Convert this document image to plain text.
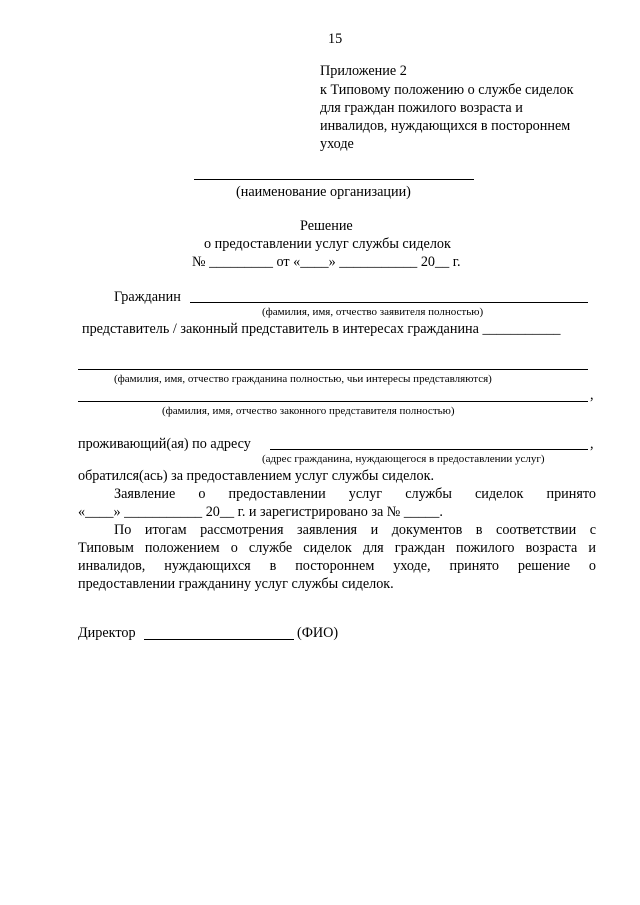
15
Приложение 2
к Типовому положению о службе сиделок
для граждан пожилого возраста и
инвалидов, нуждающихся в постороннем
уходе
(наименование организации)
Решение
о предоставлении услуг службы сиделок
№ _________ от «____» ___________ 20__ г.
Гражданин
(фамилия, имя, отчество заявителя полностью)
представитель / законный представитель в интересах гражданина ___________
(фамилия, имя, отчество гражданина полностью, чьи интересы представляются)
,
(фамилия, имя, отчество законного представителя полностью)
проживающий(ая) по адресу	,
(адрес гражданина, нуждающегося в предоставлении услуг)
обратился(ась) за предоставлением услуг службы сиделок.
Заявление о предоставлении услуг службы сиделок принято
«____» ___________ 20__ г. и зарегистрировано за № _____.
По итогам рассмотрения заявления и документов в соответствии с
Типовым положением о службе сиделок для граждан пожилого возраста и
инвалидов, нуждающихся в постороннем уходе, принято решение о
предоставлении гражданину услуг службы сиделок.
Директор	(ФИО)
